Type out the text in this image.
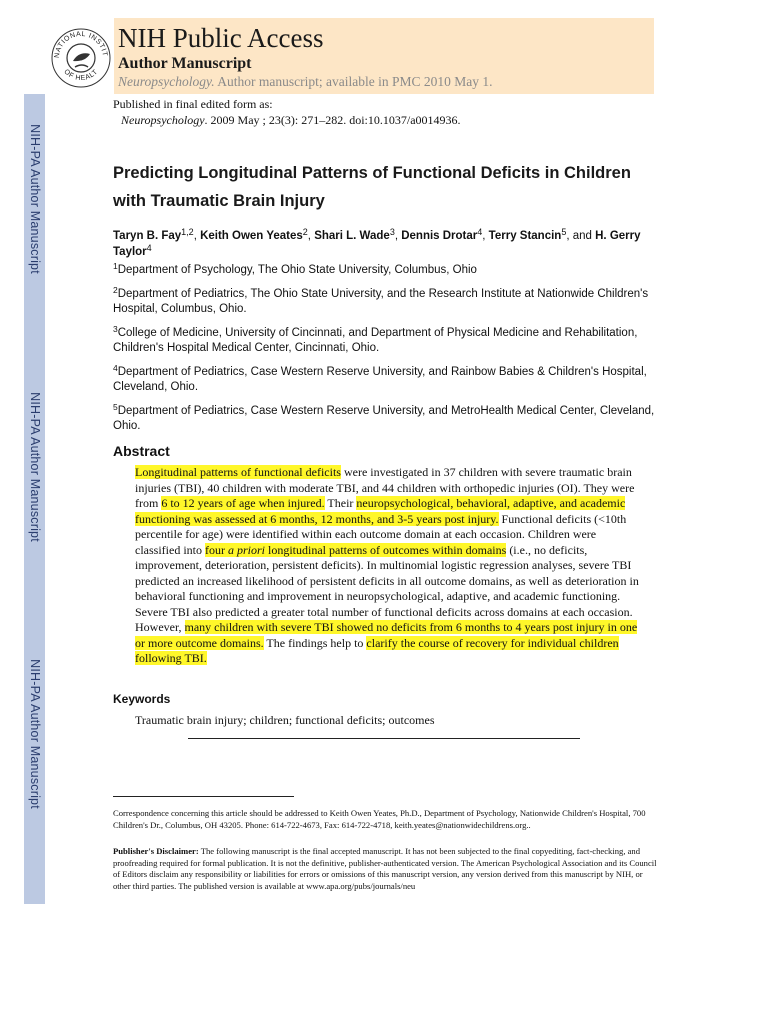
NIH-PA Author Manuscript
NIH-PA Author Manuscript
NIH-PA Author Manuscript
NATIONAL INSTIT
OF HEALT
NIH Public Access
Author Manuscript
Neuropsychology. Author manuscript; available in PMC 2010 May 1.
Published in final edited form as:
Neuropsychology. 2009 May ; 23(3): 271–282. doi:10.1037/a0014936.
Predicting Longitudinal Patterns of Functional Deficits in Children
with Traumatic Brain Injury
Taryn B. Fay$^{1,2}$, Keith Owen Yeates$^2$, Shari L. Wade$^3$, Dennis Drotar$^4$, Terry Stancin$^5$, and H. Gerry Taylor$^4$
$^1$Department of Psychology, The Ohio State University, Columbus, Ohio
$^2$Department of Pediatrics, The Ohio State University, and the Research Institute at Nationwide Children's Hospital, Columbus, Ohio.
$^3$College of Medicine, University of Cincinnati, and Department of Physical Medicine and Rehabilitation, Children's Hospital Medical Center, Cincinnati, Ohio.
$^4$Department of Pediatrics, Case Western Reserve University, and Rainbow Babies & Children's Hospital, Cleveland, Ohio.
$^5$Department of Pediatrics, Case Western Reserve University, and MetroHealth Medical Center, Cleveland, Ohio.
Abstract
Longitudinal patterns of functional deficits were investigated in 37 children with severe traumatic brain injuries (TBI), 40 children with moderate TBI, and 44 children with orthopedic injuries (OI). They were from 6 to 12 years of age when injured. Their neuropsychological, behavioral, adaptive, and academic functioning was assessed at 6 months, 12 months, and 3-5 years post injury. Functional deficits (<10th percentile for age) were identified within each outcome domain at each occasion. Children were classified into four a priori longitudinal patterns of outcomes within domains (i.e., no deficits, improvement, deterioration, persistent deficits). In multinomial logistic regression analyses, severe TBI predicted an increased likelihood of persistent deficits in all outcome domains, as well as deterioration in behavioral functioning and improvement in neuropsychological, adaptive, and academic functioning. Severe TBI also predicted a greater total number of functional deficits across domains at each occasion. However, many children with severe TBI showed no deficits from 6 months to 4 years post injury in one or more outcome domains. The findings help to clarify the course of recovery for individual children following TBI.
Keywords
Traumatic brain injury; children; functional deficits; outcomes
Correspondence concerning this article should be addressed to Keith Owen Yeates, Ph.D., Department of Psychology, Nationwide Children's Hospital, 700 Children's Dr., Columbus, OH 43205. Phone: 614-722-4673, Fax: 614-722-4718, keith.yeates@nationwidechildrens.org..
Publisher's Disclaimer: The following manuscript is the final accepted manuscript. It has not been subjected to the final copyediting, fact-checking, and proofreading required for formal publication. It is not the definitive, publisher-authenticated version. The American Psychological Association and its Council of Editors disclaim any responsibility or liabilities for errors or omissions of this manuscript version, any version derived from this manuscript by NIH, or other third parties. The published version is available at www.apa.org/pubs/journals/neu
